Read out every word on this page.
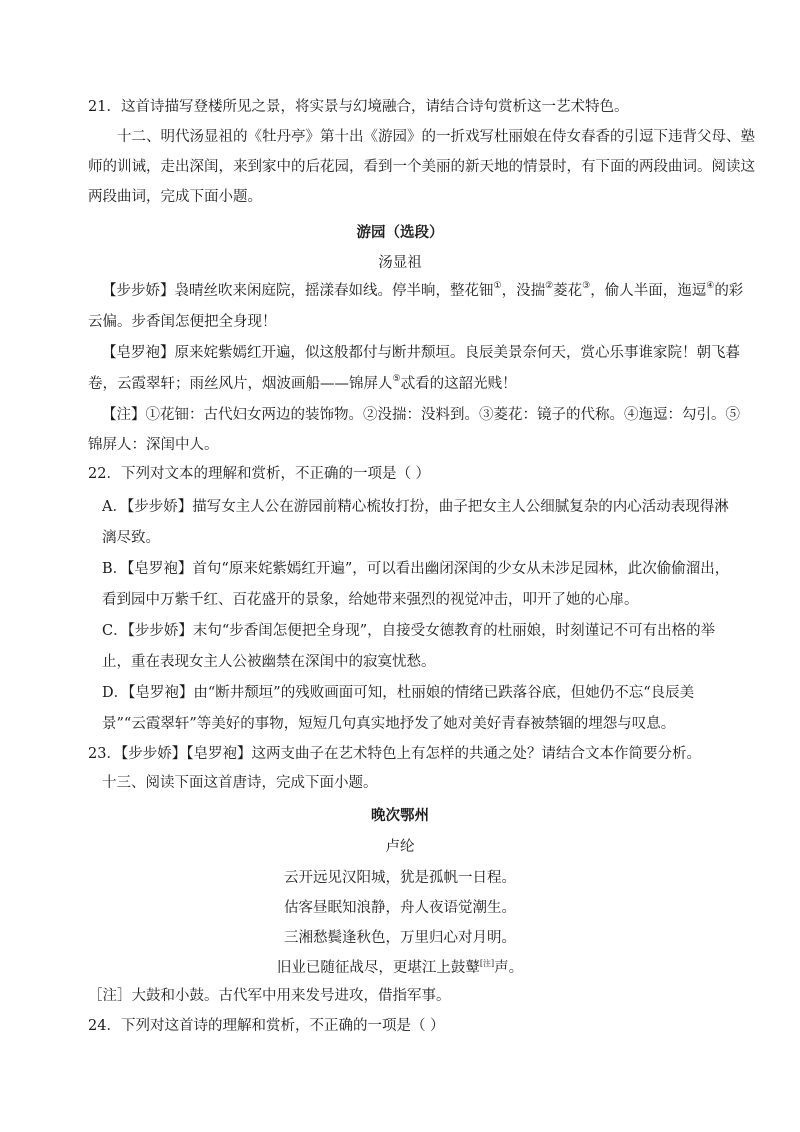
21．这首诗描写登楼所见之景，将实景与幻境融合，请结合诗句赏析这一艺术特色。
十二、明代汤显祖的《牡丹亭》第十出《游园》的一折戏写杜丽娘在侍女春香的引逗下违背父母、塾
师的训诫，走出深闺，来到家中的后花园，看到一个美丽的新天地的情景时，有下面的两段曲词。阅读这
两段曲词，完成下面小题。
游园（选段）
汤显祖
【步步娇】袅晴丝吹来闲庭院，摇漾春如线。停半晌，整花钿①，没揣②菱花③，偷人半面，迤逗④的彩
云偏。步香闺怎便把全身现！
【皂罗袍】原来姹紫嫣红开遍，似这般都付与断井颓垣。良辰美景奈何天，赏心乐事谁家院！朝飞暮
卷，云霞翠轩；雨丝风片，烟波画船——锦屏人⑤忒看的这韶光贱！
【注】①花钿：古代妇女两边的装饰物。②没揣：没料到。③菱花：镜子的代称。④迤逗：勾引。⑤
锦屏人：深闺中人。
22．下列对文本的理解和赏析，不正确的一项是（ ）
A．【步步娇】描写女主人公在游园前精心梳妆打扮，曲子把女主人公细腻复杂的内心活动表现得淋
漓尽致。
B．【皂罗袍】首句“原来姹紫嫣红开遍”，可以看出幽闭深闺的少女从未涉足园林，此次偷偷溜出，
看到园中万紫千红、百花盛开的景象，给她带来强烈的视觉冲击，叩开了她的心扉。
C．【步步娇】末句“步香闺怎便把全身现”，自接受女德教育的杜丽娘，时刻谨记不可有出格的举
止，重在表现女主人公被幽禁在深闺中的寂寞忧愁。
D．【皂罗袍】由“断井颓垣”的残败画面可知，杜丽娘的情绪已跌落谷底，但她仍不忘“良辰美
景”“云霞翠轩”等美好的事物，短短几句真实地抒发了她对美好青春被禁锢的埋怨与叹息。
23．【步步娇】【皂罗袍】这两支曲子在艺术特色上有怎样的共通之处？请结合文本作简要分析。
十三、阅读下面这首唐诗，完成下面小题。
晚次鄂州
卢纶
云开远见汉阳城，犹是孤帆一日程。
估客昼眠知浪静，舟人夜语觉潮生。
三湘愁鬓逢秋色，万里归心对月明。
旧业已随征战尽，更堪江上鼓鼙[注]声。
［注］大鼓和小鼓。古代军中用来发号进攻，借指军事。
24．下列对这首诗的理解和赏析，不正确的一项是（ ）
